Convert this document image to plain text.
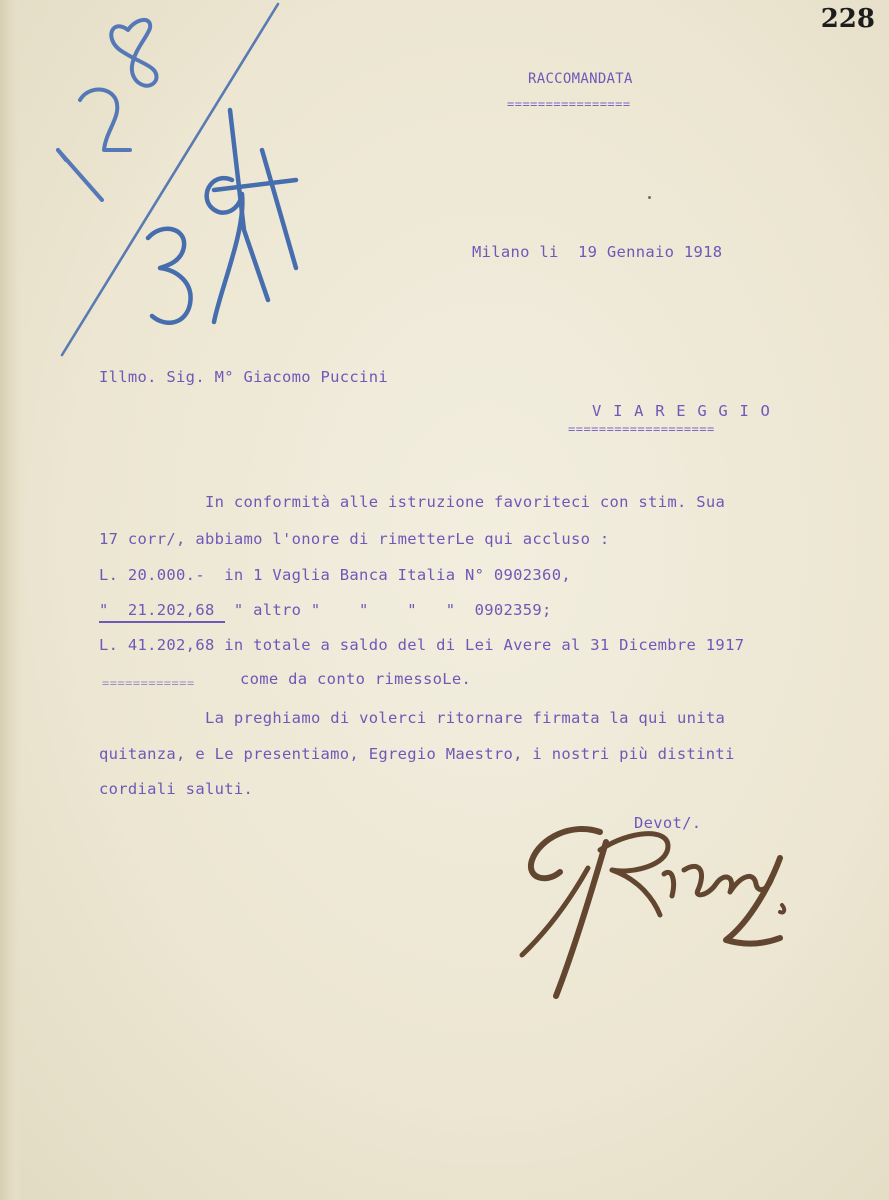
228
RACCOMANDATA
================
Milano li  19 Gennaio 1918
Illmo. Sig. M° Giacomo Puccini
V I A R E G G I O
===================
In conformità alle istruzione favoriteci con stim. Sua
17 corr/, abbiamo l'onore di rimetterLe qui accluso :
L. 20.000.-  in 1 Vaglia Banca Italia N° 0902360,
"  21.202,68  " altro "    "    "   "  0902359;
L. 41.202,68 in totale a saldo del di Lei Avere al 31 Dicembre 1917
============	come da conto rimessoLe.
La preghiamo di volerci ritornare firmata la qui unita
quitanza, e Le presentiamo, Egregio Maestro, i nostri più distinti
cordiali saluti.
Devot/.
